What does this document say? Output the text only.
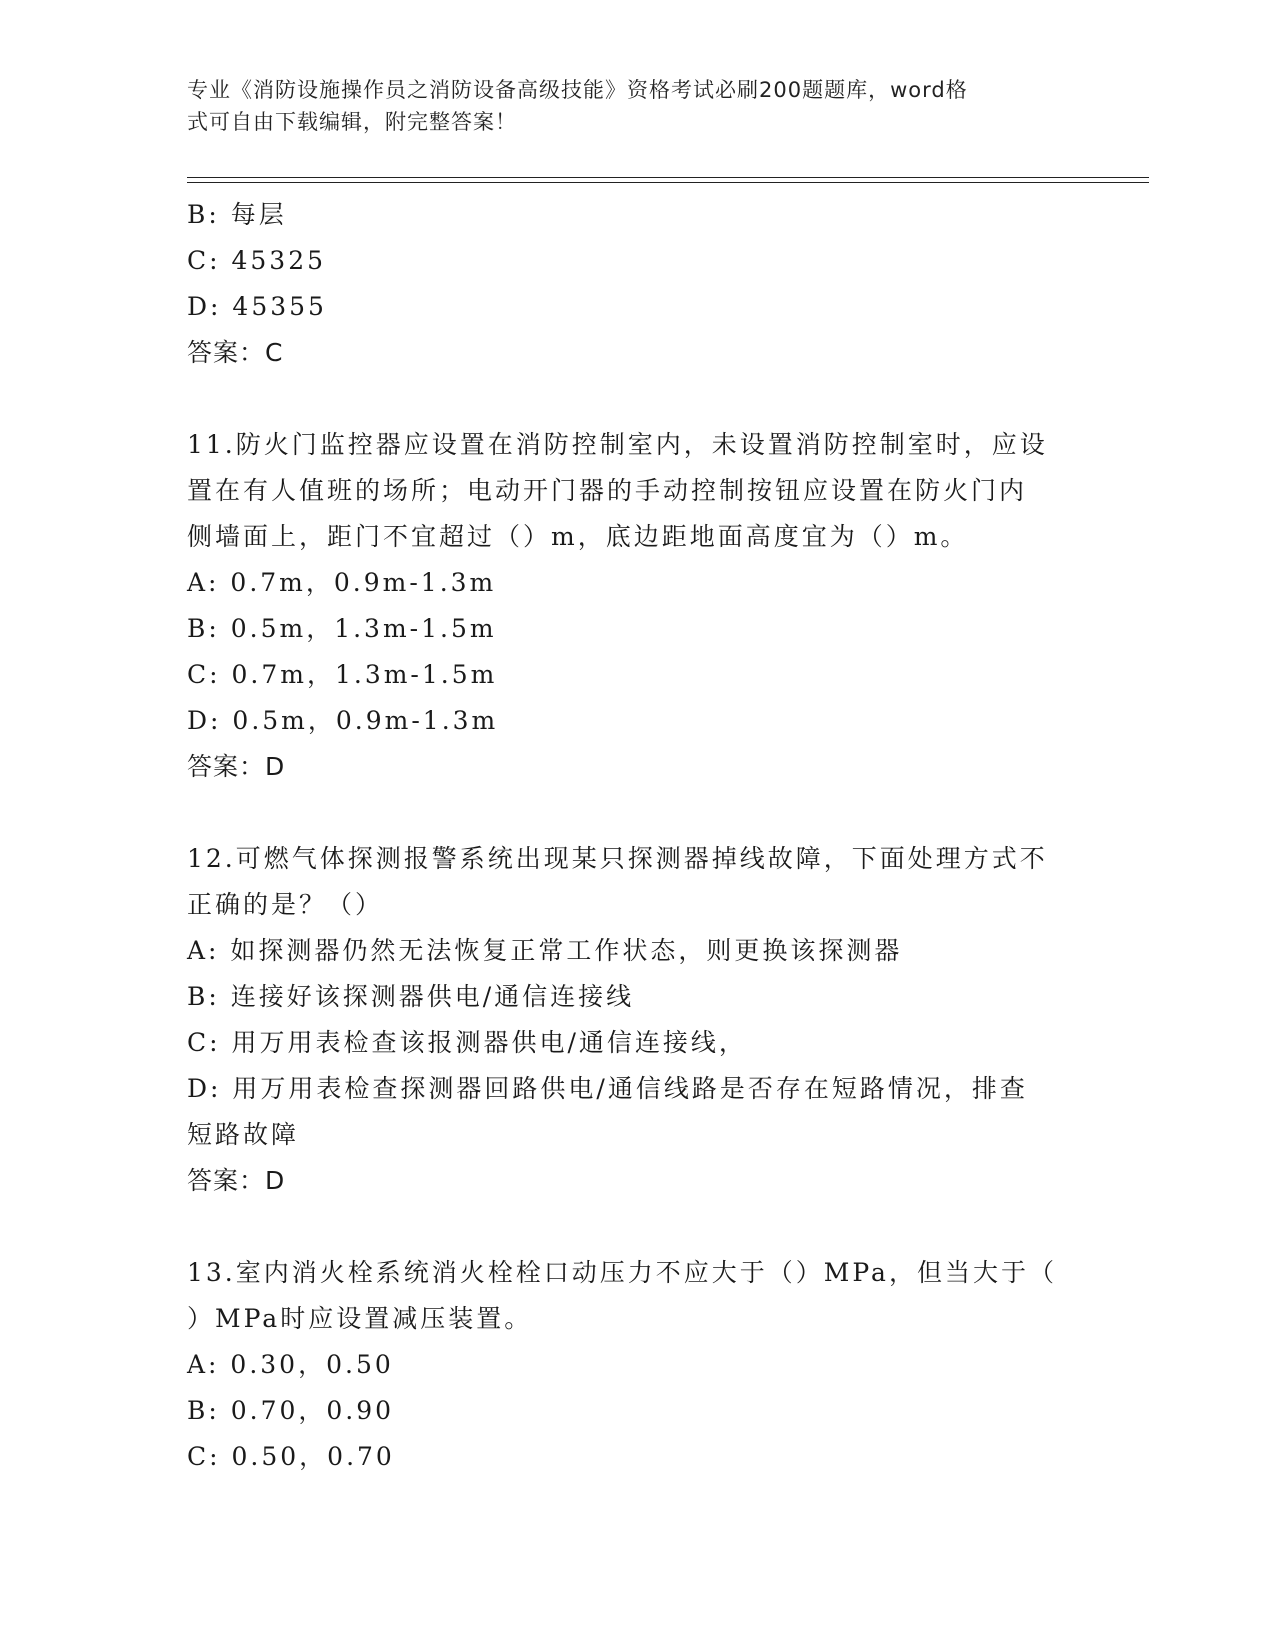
专业《消防设施操作员之消防设备高级技能》资格考试必刷200题题库，word格
式可自由下载编辑，附完整答案！
B: 每层
C: 45325
D: 45355
答案：C
11.防火门监控器应设置在消防控制室内，未设置消防控制室时，应设
置在有人值班的场所；电动开门器的手动控制按钮应设置在防火门内
侧墙面上，距门不宜超过（）m，底边距地面高度宜为（）m。
A: 0.7m，0.9m-1.3m
B: 0.5m，1.3m-1.5m
C: 0.7m，1.3m-1.5m
D: 0.5m，0.9m-1.3m
答案：D
12.可燃气体探测报警系统出现某只探测器掉线故障，下面处理方式不
正确的是？（）
A: 如探测器仍然无法恢复正常工作状态，则更换该探测器
B: 连接好该探测器供电/通信连接线
C: 用万用表检查该报测器供电/通信连接线，
D: 用万用表检查探测器回路供电/通信线路是否存在短路情况，排查
短路故障
答案：D
13.室内消火栓系统消火栓栓口动压力不应大于（）MPa，但当大于（
）MPa时应设置减压装置。
A: 0.30，0.50
B: 0.70，0.90
C: 0.50，0.70
